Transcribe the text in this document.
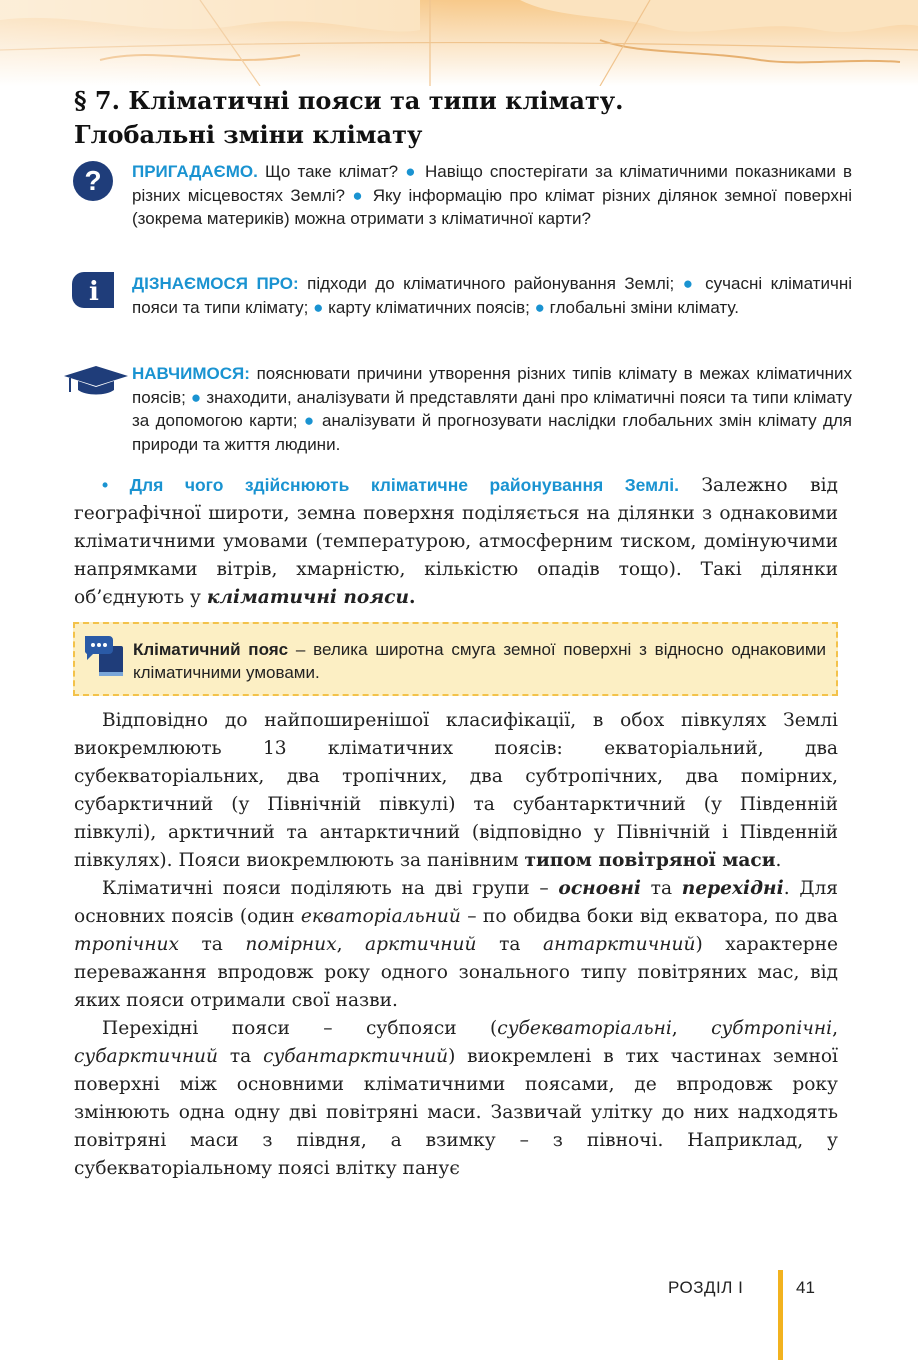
§ 7. Кліматичні пояси та типи клімату.
Глобальні зміни клімату
? ПРИГАДАЄМО. Що таке клімат? ● Навіщо спостерігати за кліматичними показниками в різних місцевостях Землі? ● Яку інформацію про клімат різних ділянок земної поверхні (зокрема материків) можна отримати з кліматичної карти?

i ДІЗНАЄМОСЯ ПРО: підходи до кліматичного районування Землі; ● сучасні кліматичні пояси та типи клімату; ● карту кліматичних поясів; ● глобальні зміни клімату.

НАВЧИМОСЯ: пояснювати причини утворення різних типів клімату в межах кліматичних поясів; ● знаходити, аналізувати й представляти дані про кліматичні пояси та типи клімату за допомогою карти; ● аналізувати й прогнозувати наслідки глобальних змін клімату для природи та життя людини.

• Для чого здійснюють кліматичне районування Землі. Залежно від географічної широти, земна поверхня поділяється на ділянки з однаковими кліматичними умовами (температурою, атмосферним тиском, домінуючими напрямками вітрів, хмарністю, кількістю опадів тощо). Такі ділянки об’єднують у кліматичні пояси.

Кліматичний пояс – велика широтна смуга земної поверхні з відносно однаковими кліматичними умовами.

Відповідно до найпоширенішої класифікації, в обох півкулях Землі виокремлюють 13 кліматичних поясів: екваторіальний, два субекваторіальних, два тропічних, два субтропічних, два помірних, субарктичний (у Північній півкулі) та субантарктичний (у Південній півкулі), арктичний та антарктичний (відповідно у Північній і Південній півкулях). Пояси виокремлюють за панівним типом повітряної маси.

Кліматичні пояси поділяють на дві групи – основні та перехідні. Для основних поясів (один екваторіальний – по обидва боки від екватора, по два тропічних та помірних, арктичний та антарктичний) характерне переважання впродовж року одного зонального типу повітряних мас, від яких пояси отримали свої назви.

Перехідні пояси – субпояси (субекваторіальні, субтропічні, субарктичний та субантарктичний) виокремлені в тих частинах земної поверхні між основними кліматичними поясами, де впродовж року змінюють одна одну дві повітряні маси. Зазвичай улітку до них надходять повітряні маси з півдня, а взимку – з півночі. Наприклад, у субекваторіальному поясі влітку панує

РОЗДІЛ І	41
